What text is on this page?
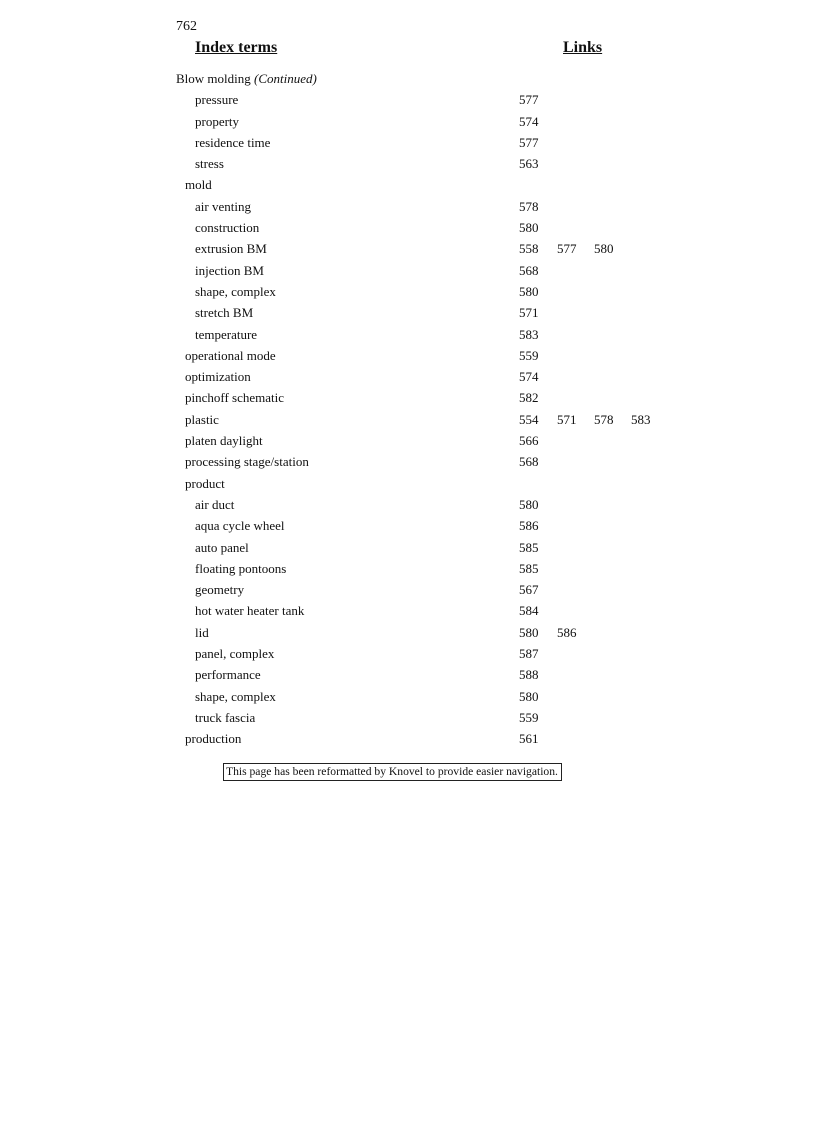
762
Index terms	Links
Blow molding (Continued)
pressure	577
property	574
residence time	577
stress	563
mold
air venting	578
construction	580
extrusion BM	558 577 580
injection BM	568
shape, complex	580
stretch BM	571
temperature	583
operational mode	559
optimization	574
pinchoff schematic	582
plastic	554 571 578 583
platen daylight	566
processing stage/station	568
product
air duct	580
aqua cycle wheel	586
auto panel	585
floating pontoons	585
geometry	567
hot water heater tank	584
lid	580 586
panel, complex	587
performance	588
shape, complex	580
truck fascia	559
production	561
This page has been reformatted by Knovel to provide easier navigation.
